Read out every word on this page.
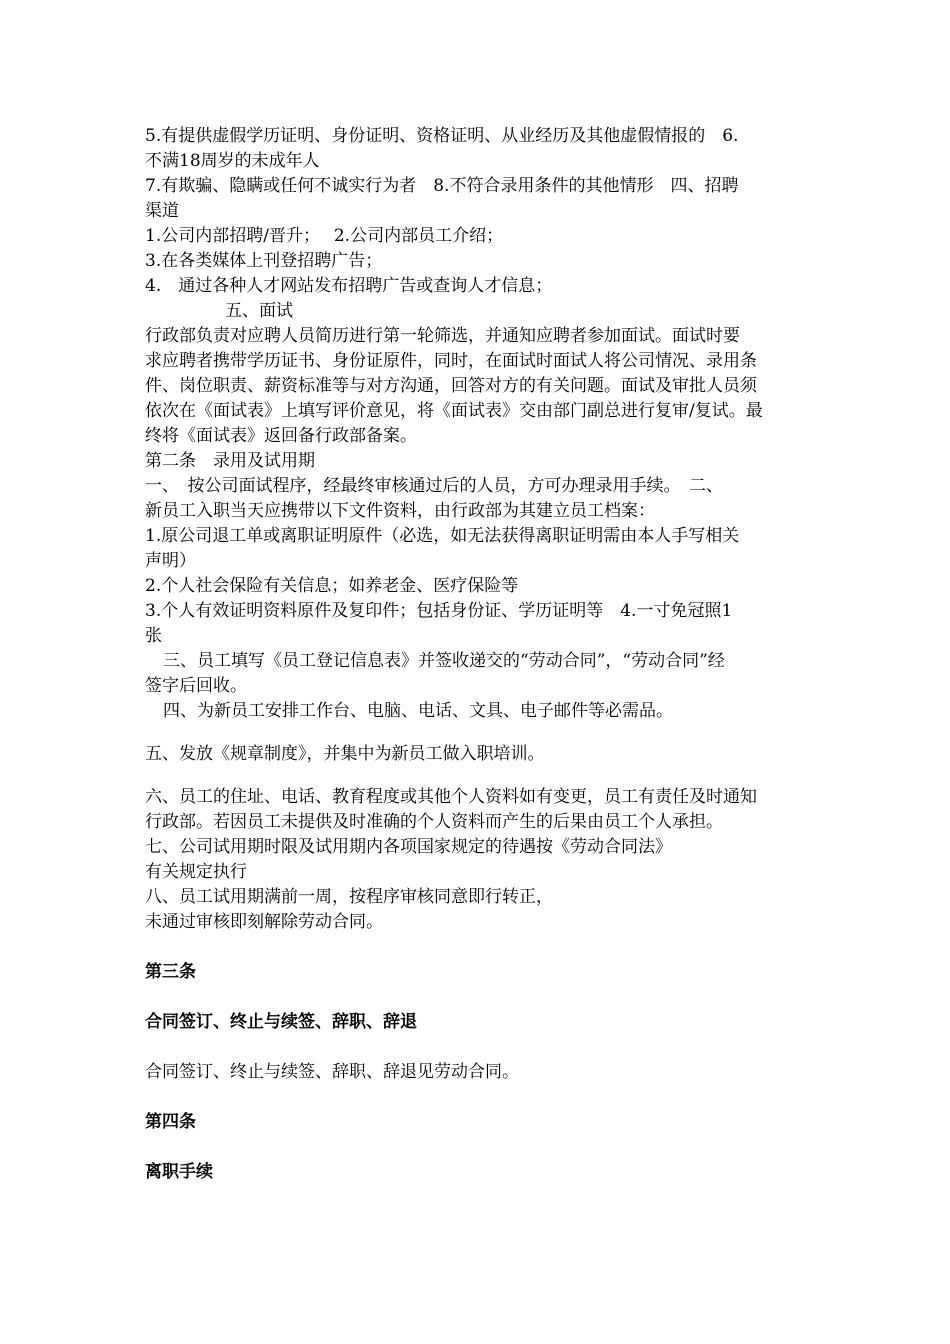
5.有提供虚假学历证明、身份证明、资格证明、从业经历及其他虚假情报的　6.
不满18周岁的未成年人
7.有欺骗、隐瞒或任何不诚实行为者　8.不符合录用条件的其他情形　四、招聘
渠道
1.公司内部招聘/晋升；　 2.公司内部员工介绍；
3.在各类媒体上刊登招聘广告；
4.　通过各种人才网站发布招聘广告或查询人才信息；
五、面试
行政部负责对应聘人员简历进行第一轮筛选，并通知应聘者参加面试。面试时要
求应聘者携带学历证书、身份证原件，同时，在面试时面试人将公司情况、录用条
件、岗位职责、薪资标准等与对方沟通，回答对方的有关问题。面试及审批人员须
依次在《面试表》上填写评价意见，将《面试表》交由部门副总进行复审/复试。最
终将《面试表》返回备行政部备案。
第二条　录用及试用期
一、　按公司面试程序，经最终审核通过后的人员，方可办理录用手续。　二、
新员工入职当天应携带以下文件资料，由行政部为其建立员工档案：
1.原公司退工单或离职证明原件（必选，如无法获得离职证明需由本人手写相关
声明）
2.个人社会保险有关信息；如养老金、医疗保险等
3.个人有效证明资料原件及复印件；包括身份证、学历证明等　4.一寸免冠照1
张
三、员工填写《员工登记信息表》并签收递交的“劳动合同”，“劳动合同”经
签字后回收。
四、为新员工安排工作台、电脑、电话、文具、电子邮件等必需品。
五、发放《规章制度》，并集中为新员工做入职培训。
六、员工的住址、电话、教育程度或其他个人资料如有变更，员工有责任及时通知
行政部。若因员工未提供及时准确的个人资料而产生的后果由员工个人承担。
七、公司试用期时限及试用期内各项国家规定的待遇按《劳动合同法》
有关规定执行
八、员工试用期满前一周，按程序审核同意即行转正，
未通过审核即刻解除劳动合同。
第三条
合同签订、终止与续签、辞职、辞退
合同签订、终止与续签、辞职、辞退见劳动合同。
第四条
离职手续
